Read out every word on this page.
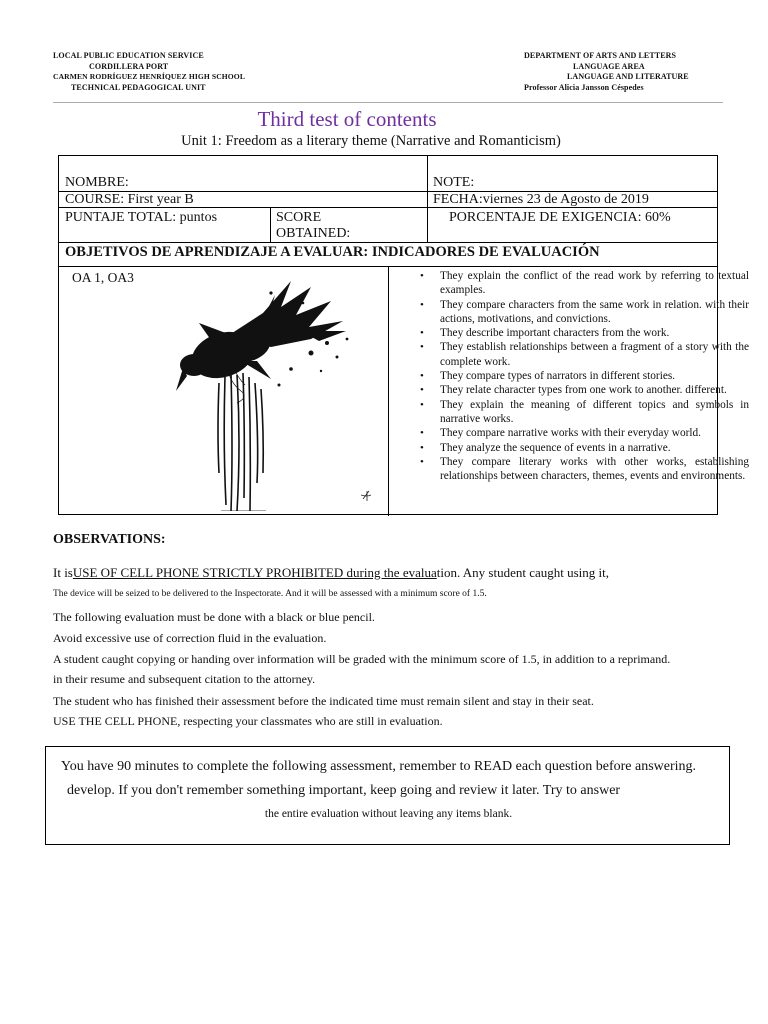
LOCAL PUBLIC EDUCATION SERVICE
CORDILLERA PORT
CARMEN RODRÍGUEZ HENRÍQUEZ HIGH SCHOOL
TECHNICAL PEDAGOGICAL UNIT
DEPARTMENT OF ARTS AND LETTERS
LANGUAGE AREA
LANGUAGE AND LITERATURE
Professor Alicia Jansson Céspedes
Third test of contents
Unit 1: Freedom as a literary theme (Narrative and Romanticism)
NOMBRE:	NOTE:
COURSE: First year B	FECHA:viernes 23 de Agosto de 2019
PUNTAJE TOTAL: puntos	SCORE
OBTAINED:
PORCENTAJE DE EXIGENCIA: 60%
OBJETIVOS DE APRENDIZAJE A EVALUAR: INDICADORES DE EVALUACIÓN
OA 1, OA3
•	They explain the conflict of the read work by referring to textual examples.
• They compare characters from the same work in relation. with their actions, motivations, and convictions.
• They describe important characters from the work.
• They establish relationships between a fragment of a story with the complete work.
• They compare types of narrators in different stories.
• They relate character types from one work to another. different.
• They explain the meaning of different topics and symbols in narrative works.
• They compare narrative works with their everyday world.
• They analyze the sequence of events in a narrative.
• They compare literary works with other works, establishing relationships between characters, themes, events and environments.
OBSERVATIONS:
It isUSE OF CELL PHONE STRICTLY PROHIBITED during the evaluation. Any student caught using it,
The device will be seized to be delivered to the Inspectorate. And it will be assessed with a minimum score of 1.5.
The following evaluation must be done with a black or blue pencil.
Avoid excessive use of correction fluid in the evaluation.
A student caught copying or handing over information will be graded with the minimum score of 1.5, in addition to a reprimand.
in their resume and subsequent citation to the attorney.
The student who has finished their assessment before the indicated time must remain silent and stay in their seat.
USE THE CELL PHONE, respecting your classmates who are still in evaluation.
You have 90 minutes to complete the following assessment, remember to READ each question before answering.
develop. If you don't remember something important, keep going and review it later. Try to answer
the entire evaluation without leaving any items blank.
